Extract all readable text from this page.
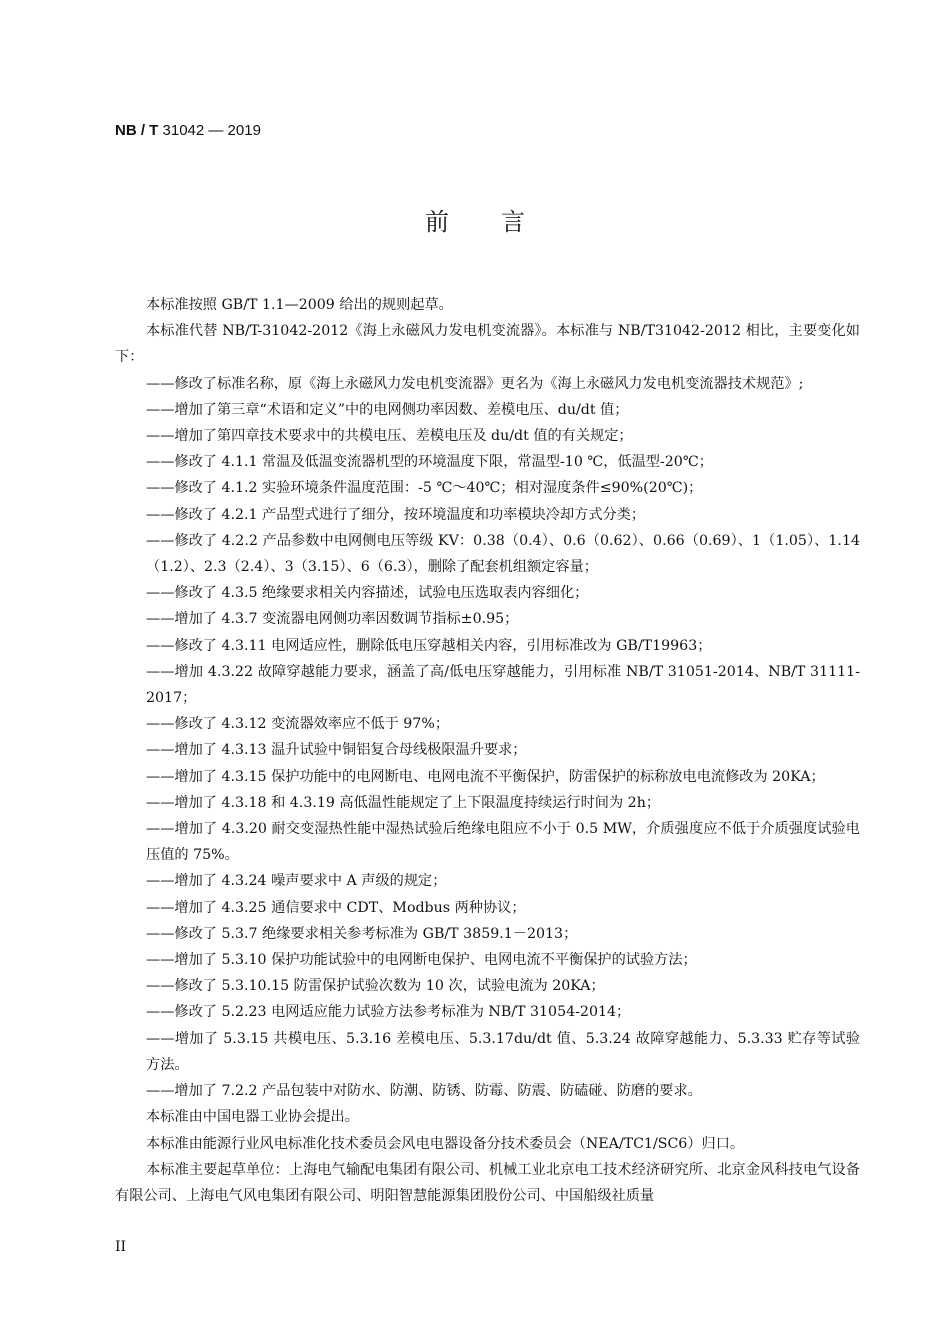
NB / T 31042 — 2019
前言

本标准按照 GB/T 1.1—2009 给出的规则起草。

本标准代替 NB/T-31042-2012《海上永磁风力发电机变流器》。本标准与 NB/T31042-2012 相比，主要变化如下：

——修改了标准名称，原《海上永磁风力发电机变流器》更名为《海上永磁风力发电机变流器技术规范》;

——增加了第三章“术语和定义”中的电网侧功率因数、差模电压、du/dt 值；

——增加了第四章技术要求中的共模电压、差模电压及 du/dt 值的有关规定；

——修改了 4.1.1 常温及低温变流器机型的环境温度下限，常温型-10 ℃，低温型-20℃；

——修改了 4.1.2 实验环境条件温度范围：-5 ℃～40℃；相对湿度条件≤90%(20℃)；

——修改了 4.2.1 产品型式进行了细分，按环境温度和功率模块冷却方式分类；

——修改了 4.2.2 产品参数中电网侧电压等级 KV：0.38（0.4）、0.6（0.62）、0.66（0.69）、1（1.05）、1.14（1.2）、2.3（2.4）、3（3.15）、6（6.3），删除了配套机组额定容量；

——修改了 4.3.5 绝缘要求相关内容描述，试验电压选取表内容细化；

——增加了 4.3.7 变流器电网侧功率因数调节指标±0.95；

——修改了 4.3.11 电网适应性，删除低电压穿越相关内容，引用标准改为 GB/T19963；

——增加 4.3.22 故障穿越能力要求，涵盖了高/低电压穿越能力，引用标准 NB/T 31051-2014、NB/T 31111-2017；

——修改了 4.3.12 变流器效率应不低于 97%；

——增加了 4.3.13 温升试验中铜铝复合母线极限温升要求；

——增加了 4.3.15 保护功能中的电网断电、电网电流不平衡保护，防雷保护的标称放电电流修改为 20KA；

——增加了 4.3.18 和 4.3.19 高低温性能规定了上下限温度持续运行时间为 2h；

——增加了 4.3.20 耐交变湿热性能中湿热试验后绝缘电阻应不小于 0.5 MW，介质强度应不低于介质强度试验电压值的 75%。

——增加了 4.3.24 噪声要求中 A 声级的规定；

——增加了 4.3.25 通信要求中 CDT、Modbus 两种协议；

——修改了 5.3.7 绝缘要求相关参考标准为 GB/T 3859.1－2013；

——增加了 5.3.10 保护功能试验中的电网断电保护、电网电流不平衡保护的试验方法；

——修改了 5.3.10.15 防雷保护试验次数为 10 次，试验电流为 20KA；

——修改了 5.2.23 电网适应能力试验方法参考标准为 NB/T 31054-2014；

——增加了 5.3.15 共模电压、5.3.16 差模电压、5.3.17du/dt 值、5.3.24 故障穿越能力、5.3.33 贮存等试验方法。

——增加了 7.2.2 产品包装中对防水、防潮、防锈、防霉、防震、防磕碰、防磨的要求。

本标准由中国电器工业协会提出。

本标准由能源行业风电标准化技术委员会风电电器设备分技术委员会（NEA/TC1/SC6）归口。

本标准主要起草单位：上海电气输配电集团有限公司、机械工业北京电工技术经济研究所、北京金风科技电气设备有限公司、上海电气风电集团有限公司、明阳智慧能源集团股份公司、中国船级社质量

II
